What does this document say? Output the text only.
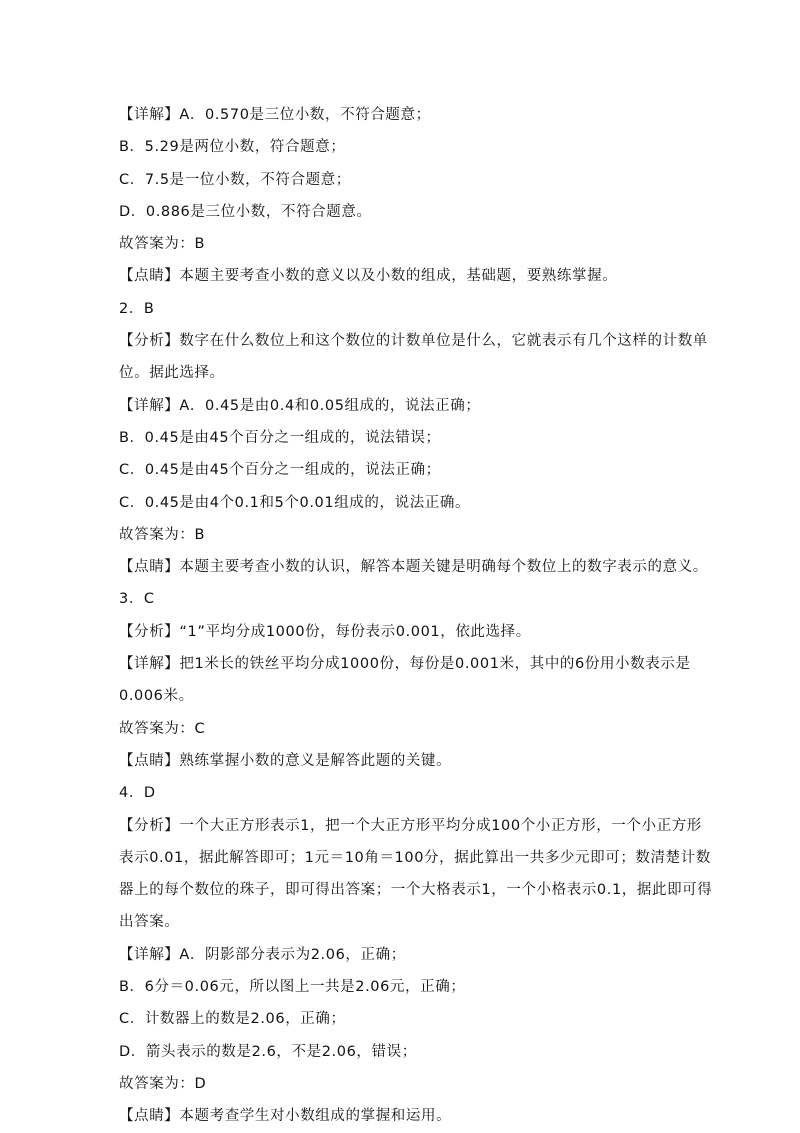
【详解】A．0.570是三位小数，不符合题意；
B．5.29是两位小数，符合题意；
C．7.5是一位小数，不符合题意；
D．0.886是三位小数，不符合题意。
故答案为：B
【点睛】本题主要考查小数的意义以及小数的组成，基础题，要熟练掌握。
2．B
【分析】数字在什么数位上和这个数位的计数单位是什么，它就表示有几个这样的计数单
位。据此选择。
【详解】A．0.45是由0.4和0.05组成的，说法正确；
B．0.45是由45个百分之一组成的，说法错误；
C．0.45是由45个百分之一组成的，说法正确；
C．0.45是由4个0.1和5个0.01组成的，说法正确。
故答案为：B
【点睛】本题主要考查小数的认识，解答本题关键是明确每个数位上的数字表示的意义。
3．C
【分析】“1”平均分成1000份，每份表示0.001，依此选择。
【详解】把1米长的铁丝平均分成1000份，每份是0.001米，其中的6份用小数表示是
0.006米。
故答案为：C
【点睛】熟练掌握小数的意义是解答此题的关键。
4．D
【分析】一个大正方形表示1，把一个大正方形平均分成100个小正方形，一个小正方形
表示0.01，据此解答即可；1元＝10角＝100分，据此算出一共多少元即可；数清楚计数
器上的每个数位的珠子，即可得出答案；一个大格表示1，一个小格表示0.1，据此即可得
出答案。
【详解】A．阴影部分表示为2.06，正确；
B．6分＝0.06元，所以图上一共是2.06元，正确；
C．计数器上的数是2.06，正确；
D．箭头表示的数是2.6，不是2.06，错误；
故答案为：D
【点睛】本题考查学生对小数组成的掌握和运用。
